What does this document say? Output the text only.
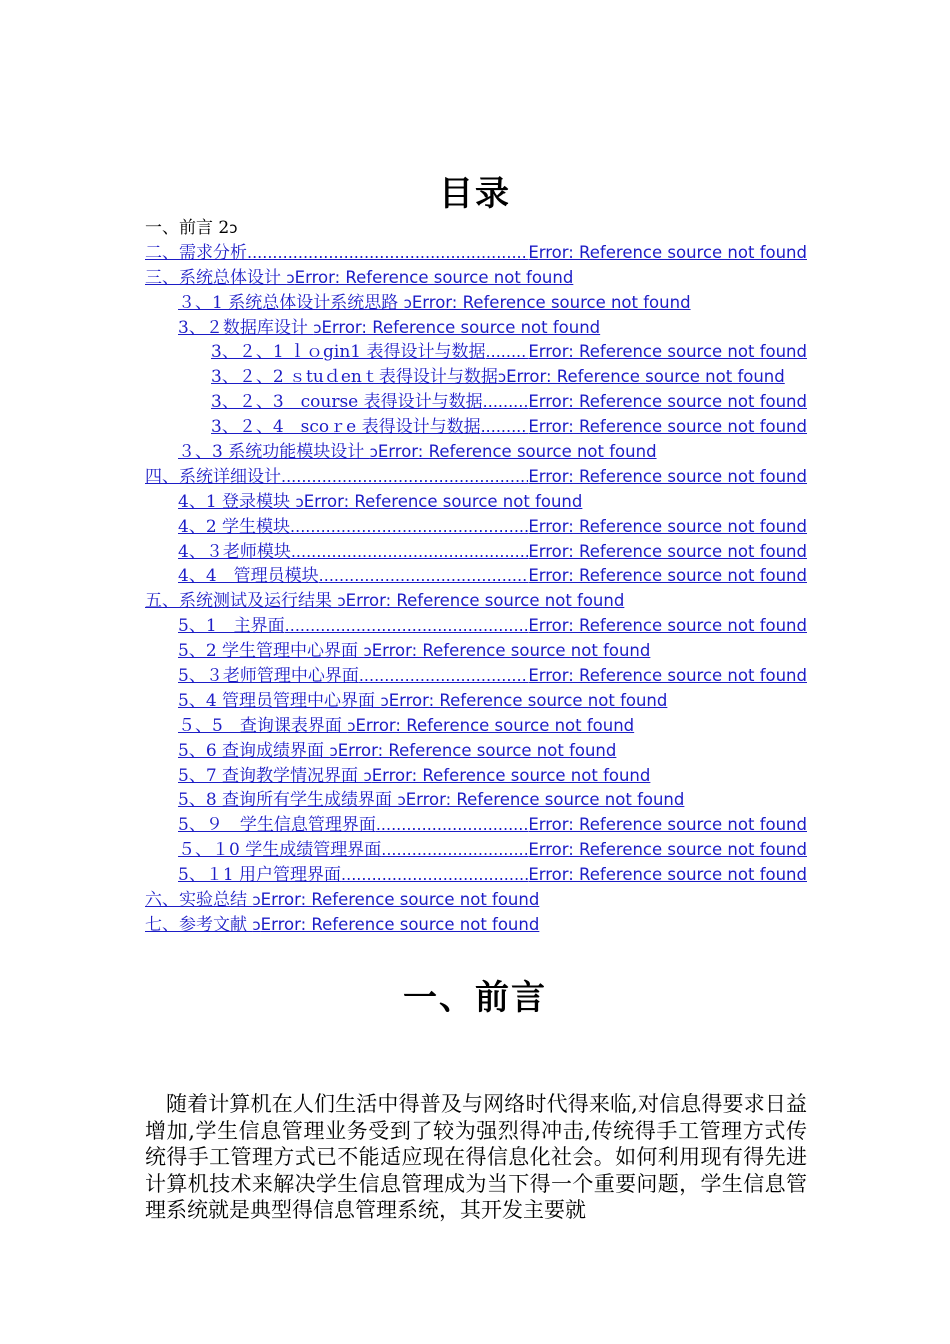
目录
一、前言 2ↄ
二、需求分析 .....	Error: Reference source not found
三、系统总体设计 ↄError: Reference source not found
３、1 系统总体设计系统思路 ↄError: Reference source not found
3、２数据库设计 ↄError: Reference source not found
3、２、1 ｌｏgin1 表得设计与数据 .....	Error: Reference source not found
3、２、2 ｓtuｄenｔ表得设计与数据ↄError: Reference source not found
3、２、3　course 表得设计与数据 .....	Error: Reference source not found
3、２、4　scoｒe 表得设计与数据 .....	Error: Reference source not found
３、3 系统功能模块设计 ↄError: Reference source not found
四、系统详细设计 .....	Error: Reference source not found
4、1 登录模块 ↄError: Reference source not found
4、2 学生模块 .....	Error: Reference source not found
4、３老师模块 .....	Error: Reference source not found
4、4　管理员模块 .....	Error: Reference source not found
五、系统测试及运行结果 ↄError: Reference source not found
5、1　主界面 .....	Error: Reference source not found
5、2 学生管理中心界面 ↄError: Reference source not found
5、３老师管理中心界面 .....	Error: Reference source not found
5、4 管理员管理中心界面 ↄError: Reference source not found
５、5　查询课表界面 ↄError: Reference source not found
5、6 查询成绩界面 ↄError: Reference source not found
5、7 查询教学情况界面 ↄError: Reference source not found
5、8 查询所有学生成绩界面 ↄError: Reference source not found
5、９　学生信息管理界面 .....	Error: Reference source not found
５、１0 学生成绩管理界面 .....	Error: Reference source not found
5、１1 用户管理界面 .....	Error: Reference source not found
六、实验总结 ↄError: Reference source not found
七、参考文献 ↄError: Reference source not found
一、前言
随着计算机在人们生活中得普及与网络时代得来临,对信息得要求日益增加,学生信息管理业务受到了较为强烈得冲击,传统得手工管理方式传统得手工管理方式已不能适应现在得信息化社会。如何利用现有得先进计算机技术来解决学生信息管理成为当下得一个重要问题，学生信息管理系统就是典型得信息管理系统，其开发主要就
